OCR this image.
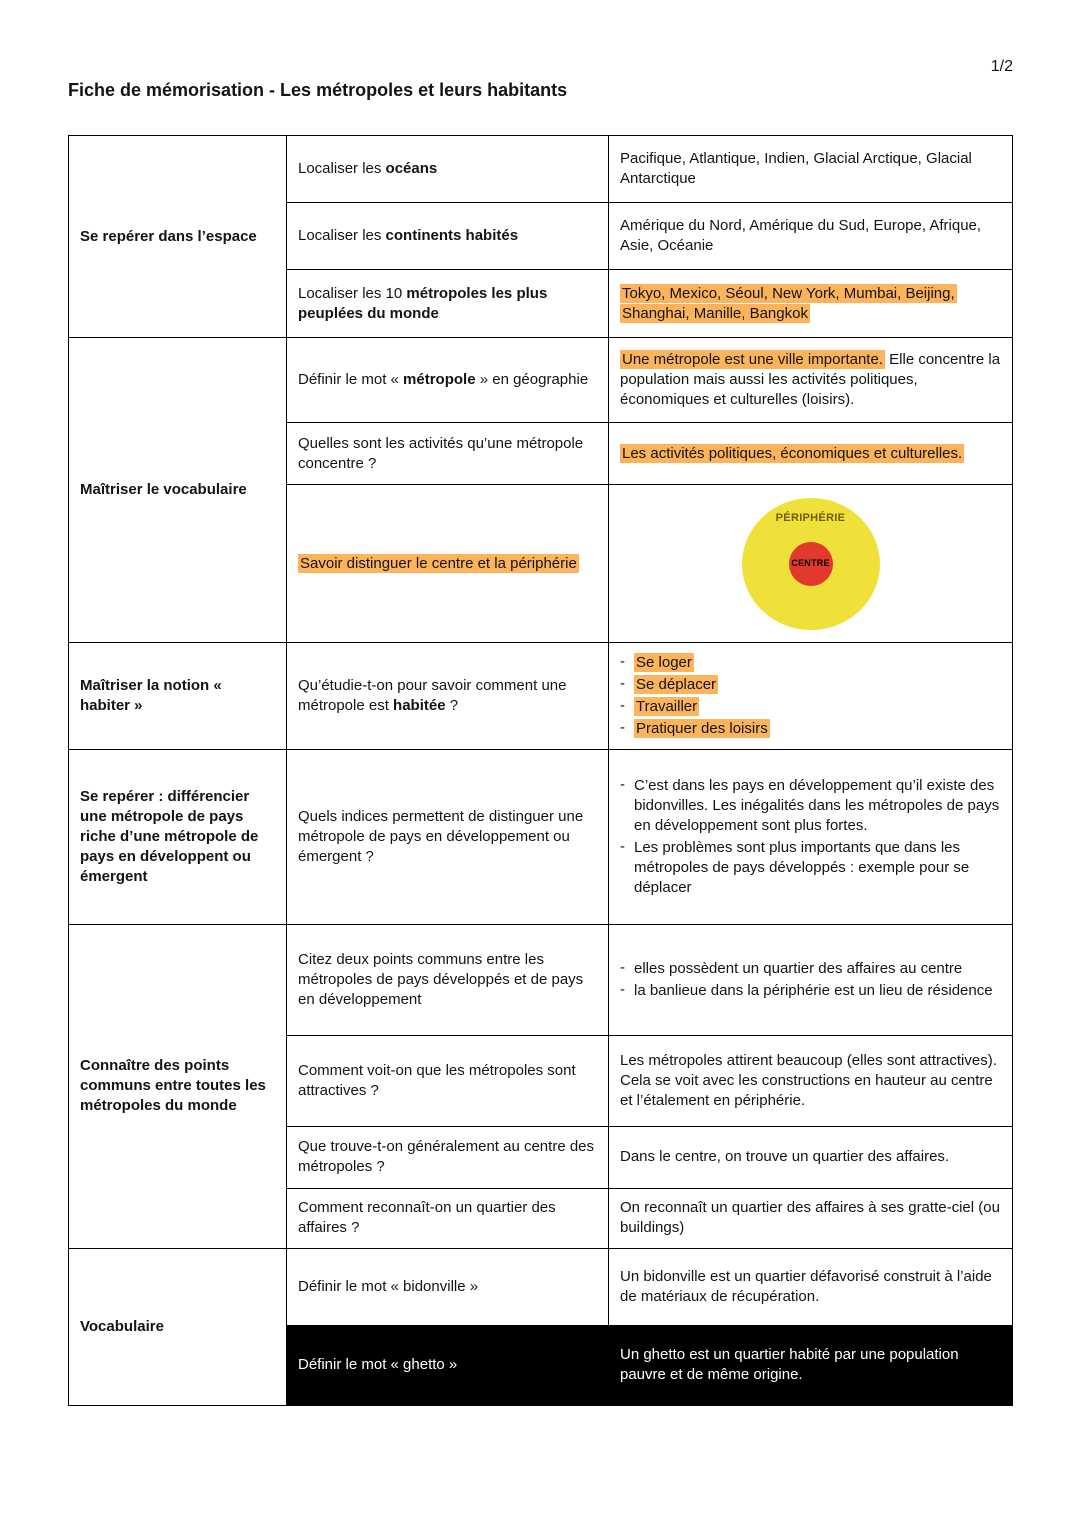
1/2
Fiche de mémorisation - Les métropoles et leurs habitants
Se repérer dans l’espace	Localiser les océans	Pacifique, Atlantique, Indien, Glacial Arctique, Glacial Antarctique
	Localiser les continents habités	Amérique du Nord, Amérique du Sud, Europe, Afrique, Asie, Océanie
	Localiser les 10 métropoles les plus peuplées du monde	Tokyo, Mexico, Séoul, New York, Mumbai, Beijing, Shanghai, Manille, Bangkok
Maîtriser le vocabulaire	Définir le mot « métropole » en géographie	Une métropole est une ville importante. Elle concentre la population mais aussi les activités politiques, économiques et culturelles (loisirs).
	Quelles sont les activités qu’une métropole concentre ?	Les activités politiques, économiques et culturelles.
	Savoir distinguer le centre et la périphérie	PÉRIPHÉRIE
CENTRE

Maîtriser la notion « habiter »	Qu’étudie-t-on pour savoir comment une métropole est habitée ?	
- Se loger
- Se déplacer
- Travailler
- Pratiquer des loisirs

Se repérer : différencier une métropole de pays riche d’une métropole de pays en développent ou émergent	Quels indices permettent de distinguer une métropole de pays en développement ou émergent ?	- C’est dans les pays en développement qu’il existe des bidonvilles. Les inégalités dans les métropoles de pays en développement sont plus fortes.
- Les problèmes sont plus importants que dans les métropoles de pays développés : exemple pour se déplacer

Connaître des points communs entre toutes les métropoles du monde	Citez deux points communs entre les métropoles de pays développés et de pays en développement	- elles possèdent un quartier des affaires au centre
- la banlieue dans la périphérie est un lieu de résidence

	Comment voit-on que les métropoles sont attractives ?	Les métropoles attirent beaucoup (elles sont attractives). Cela se voit avec les constructions en hauteur au centre et l’étalement en périphérie.
	Que trouve-t-on généralement au centre des métropoles ?	Dans le centre, on trouve un quartier des affaires.
	Comment reconnaît-on un quartier des affaires ?	On reconnaît un quartier des affaires à ses gratte-ciel (ou buildings)
Vocabulaire	Définir le mot « bidonville »	Un bidonville est un quartier défavorisé construit à l’aide de matériaux de récupération.
	Définir le mot « ghetto »	Un ghetto est un quartier habité par une population pauvre et de même origine.
